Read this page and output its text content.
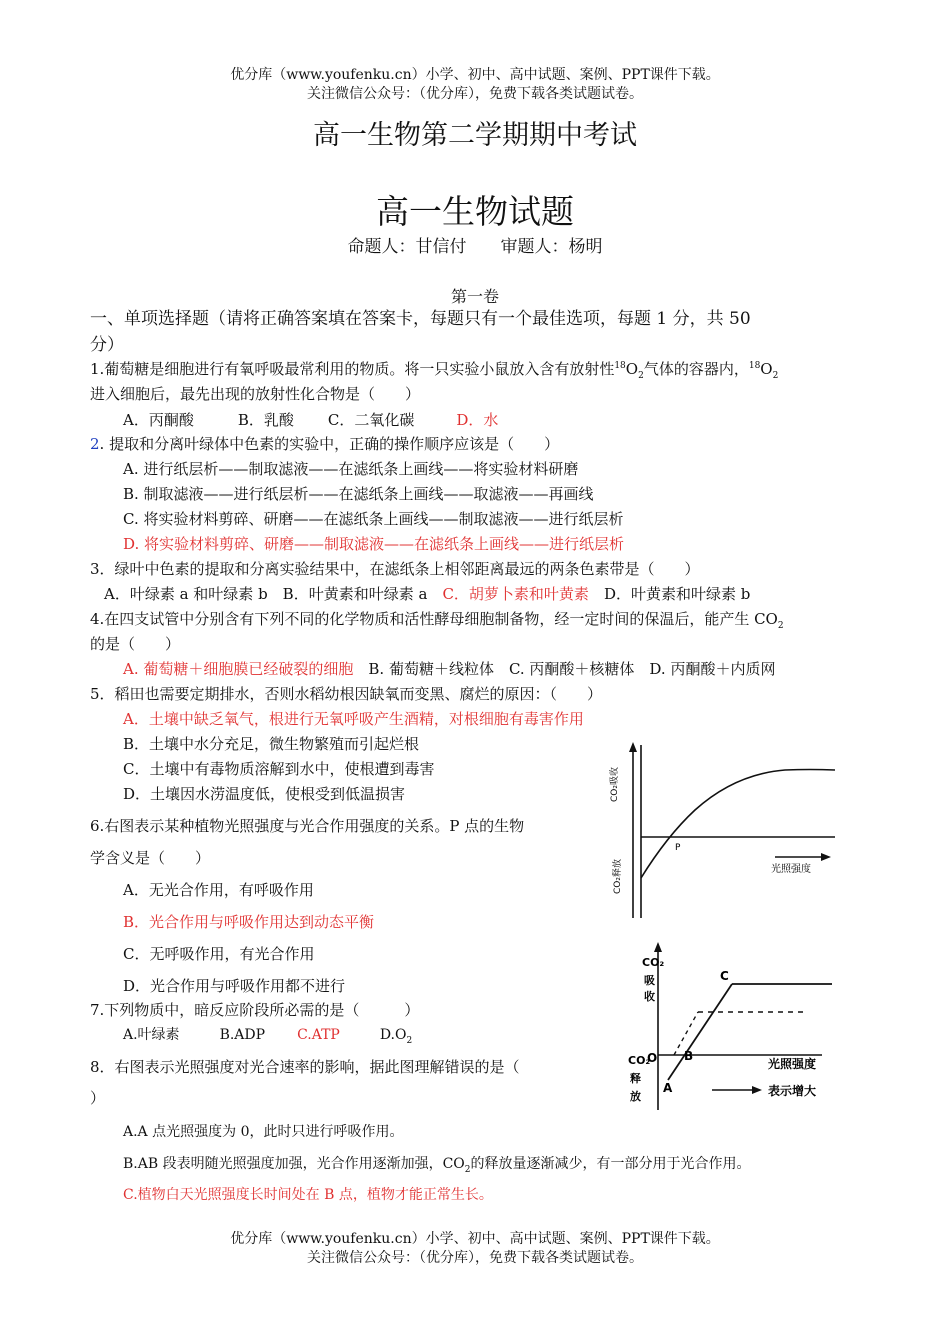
优分库（www.youfenku.cn）小学、初中、高中试题、案例、PPT课件下载。
关注微信公众号：（优分库），免费下载各类试题试卷。
高一生物第二学期期中考试
高一生物试题
命题人：甘信付　　审题人：杨明
第一卷
一、单项选择题（请将正确答案填在答案卡，每题只有一个最佳选项，每题 1 分，共 50
分）
1.葡萄糖是细胞进行有氧呼吸最常利用的物质。将一只实验小鼠放入含有放射性$^{18}O_2$气体的容器内，$^{18}O_2$
进入细胞后，最先出现的放射性化合物是（　　）
A．丙酮酸	B．乳酸 C．二氧化碳	D．水
2. 提取和分离叶绿体中色素的实验中，正确的操作顺序应该是（　　）
A. 进行纸层析——制取滤液——在滤纸条上画线——将实验材料研磨
B. 制取滤液——进行纸层析——在滤纸条上画线——取滤液——再画线
C. 将实验材料剪碎、研磨——在滤纸条上画线——制取滤液——进行纸层析
D. 将实验材料剪碎、研磨——制取滤液——在滤纸条上画线——进行纸层析
3．绿叶中色素的提取和分离实验结果中，在滤纸条上相邻距离最远的两条色素带是（　　）
A．叶绿素 a 和叶绿素 b　B．叶黄素和叶绿素 a　 C．胡萝卜素和叶黄素　 D．叶黄素和叶绿素 b
4.在四支试管中分别含有下列不同的化学物质和活性酵母细胞制备物，经一定时间的保温后，能产生 $CO_2$
的是（　　）
A. 葡萄糖＋细胞膜已经破裂的细胞　 B. 葡萄糖＋线粒体　C. 丙酮酸＋核糖体　D. 丙酮酸＋内质网
5．稻田也需要定期排水，否则水稻幼根因缺氧而变黑、腐烂的原因：（　　）
A．土壤中缺乏氧气，根进行无氧呼吸产生酒精，对根细胞有毒害作用
B．土壤中水分充足，微生物繁殖而引起烂根
C．土壤中有毒物质溶解到水中，使根遭到毒害
D．土壤因水涝温度低，使根受到低温损害
6.右图表示某种植物光照强度与光合作用强度的关系。P 点的生物
学含义是（　　）
A．无光合作用，有呼吸作用
B．光合作用与呼吸作用达到动态平衡
C．无呼吸作用，有光合作用
D．光合作用与呼吸作用都不进行
7.下列物质中，暗反应阶段所必需的是（　　　）
A.叶绿素	B.ADP C.ATP	$D.O_2$
8．右图表示光照强度对光合速率的影响，据此图理解错误的是（
）
A.A 点光照强度为 0，此时只进行呼吸作用。
B.AB 段表明随光照强度加强，光合作用逐渐加强，$CO_2$的释放量逐渐减少，有一部分用于光合作用。
C.植物白天光照强度长时间处在 B 点，植物才能正常生长。
CO₂吸收
CO₂释放	光照强度
P
CO₂
吸
收
CO₂
释
放
O
A
B
C
光照强度
表示增大
优分库（www.youfenku.cn）小学、初中、高中试题、案例、PPT课件下载。
关注微信公众号：（优分库），免费下载各类试题试卷。
